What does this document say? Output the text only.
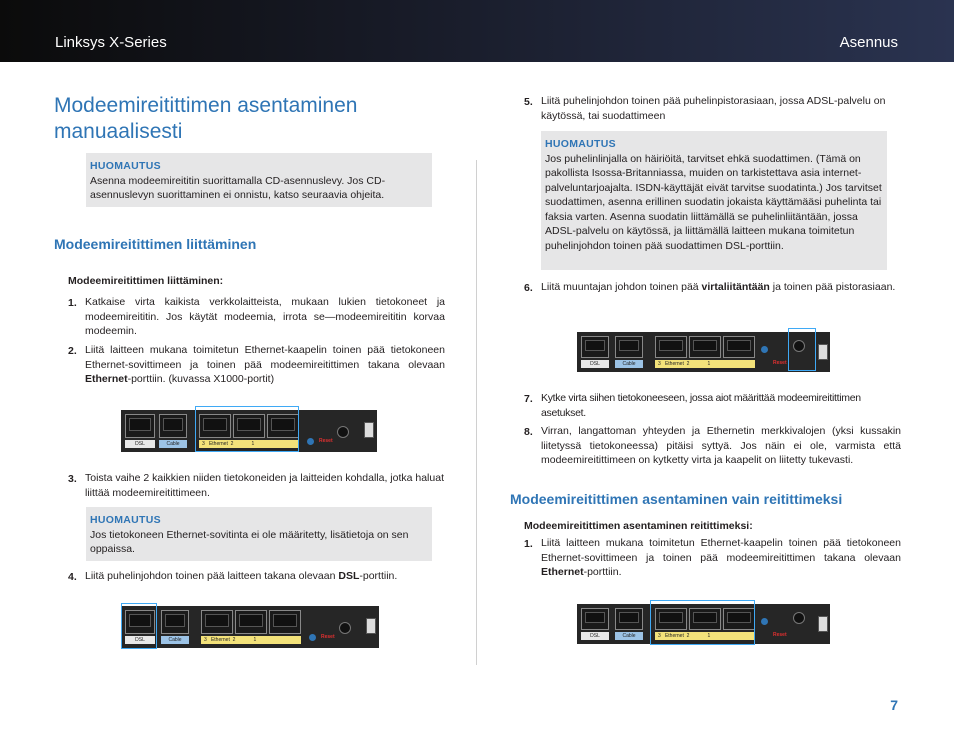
Linksys X-Series	Asennus
Modeemireitittimen asentaminen manuaalisesti
HUOMAUTUS
Asenna modeemireititin suorittamalla CD-asennuslevy. Jos CD-asennuslevyn suorittaminen ei onnistu, katso seuraavia ohjeita.
Modeemireitittimen liittäminen
Modeemireitittimen liittäminen:
1. Katkaise virta kaikista verkkolaitteista, mukaan lukien tietokoneet ja modeemireititin. Jos käytät modeemia, irrota se—modeemireititin korvaa modeemin.
2. Liitä laitteen mukana toimitetun Ethernet-kaapelin toinen pää tietokoneen Ethernet-sovittimeen ja toinen pää modeemireitittimen takana olevaan Ethernet-porttiin. (kuvassa X1000-portit)
DSL	Cable	3 Ethernet 2	1	Reset
3. Toista vaihe 2 kaikkien niiden tietokoneiden ja laitteiden kohdalla, jotka haluat liittää modeemireitittimeen.
HUOMAUTUS
Jos tietokoneen Ethernet-sovitinta ei ole määritetty, lisätietoja on sen oppaissa.
4. Liitä puhelinjohdon toinen pää laitteen takana olevaan DSL-porttiin.
DSL	Cable	3 Ethernet 2	1	Reset
5. Liitä puhelinjohdon toinen pää puhelinpistorasiaan, jossa ADSL-palvelu on käytössä, tai suodattimeen
HUOMAUTUS
Jos puhelinlinjalla on häiriöitä, tarvitset ehkä suodattimen. (Tämä on pakollista Isossa-Britanniassa, muiden on tarkistettava asia internet-palveluntarjoajalta. ISDN-käyttäjät eivät tarvitse suodatinta.) Jos tarvitset suodattimen, asenna erillinen suodatin jokaista käyttämääsi puhelinta tai faksia varten. Asenna suodatin liittämällä se puhelinliitäntään, jossa ADSL-palvelu on käytössä, ja liittämällä laitteen mukana toimitetun puhelinjohdon toinen pää suodattimen DSL-porttiin.
6. Liitä muuntajan johdon toinen pää virtaliitäntään ja toinen pää pistorasiaan.
DSL	Cable	3 Ethernet 2	1	Reset
7. Kytke virta siihen tietokoneeseen, jossa aiot määrittää modeemireitittimen asetukset.
8. Virran, langattoman yhteyden ja Ethernetin merkkivalojen (yksi kussakin liitetyssä tietokoneessa) pitäisi syttyä. Jos näin ei ole, varmista että modeemireitittimeen on kytketty virta ja kaapelit on liitetty tukevasti.
Modeemireitittimen asentaminen vain reitittimeksi
Modeemireitittimen asentaminen reitittimeksi:
1. Liitä laitteen mukana toimitetun Ethernet-kaapelin toinen pää tietokoneen Ethernet-sovittimeen ja toinen pää modeemireitittimen takana olevaan Ethernet-porttiin.
DSL	Cable	3 Ethernet 2	1	Reset
7
